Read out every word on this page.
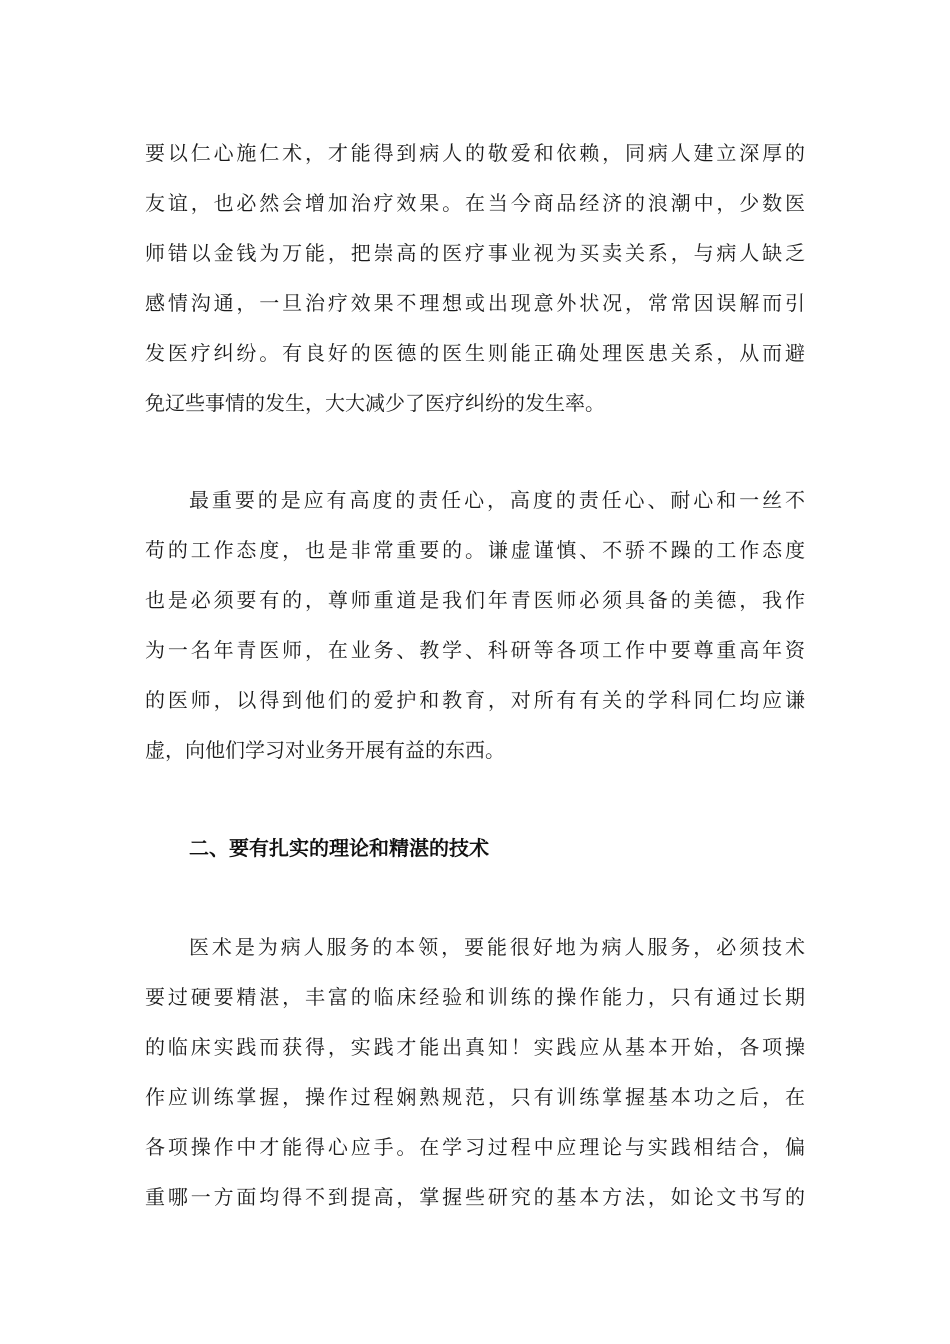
要以仁心施仁术，才能得到病人的敬爱和依赖，同病人建立深厚的
友谊，也必然会增加治疗效果。在当今商品经济的浪潮中，少数医
师错以金钱为万能，把崇高的医疗事业视为买卖关系，与病人缺乏
感情沟通，一旦治疗效果不理想或出现意外状况，常常因误解而引
发医疗纠纷。有良好的医德的医生则能正确处理医患关系，从而避
免辽些事情的发生，大大减少了医疗纠纷的发生率。
最重要的是应有高度的责任心，高度的责任心、耐心和一丝不
苟的工作态度，也是非常重要的。谦虚谨慎、不骄不躁的工作态度
也是必须要有的，尊师重道是我们年青医师必须具备的美德，我作
为一名年青医师，在业务、教学、科研等各项工作中要尊重高年资
的医师，以得到他们的爱护和教育，对所有有关的学科同仁均应谦
虚，向他们学习对业务开展有益的东西。
二、要有扎实的理论和精湛的技术
医术是为病人服务的本领，要能很好地为病人服务，必须技术
要过硬要精湛，丰富的临床经验和训练的操作能力，只有通过长期
的临床实践而获得，实践才能出真知！实践应从基本开始，各项操
作应训练掌握，操作过程娴熟规范，只有训练掌握基本功之后，在
各项操作中才能得心应手。在学习过程中应理论与实践相结合，偏
重哪一方面均得不到提高，掌握些研究的基本方法，如论文书写的
